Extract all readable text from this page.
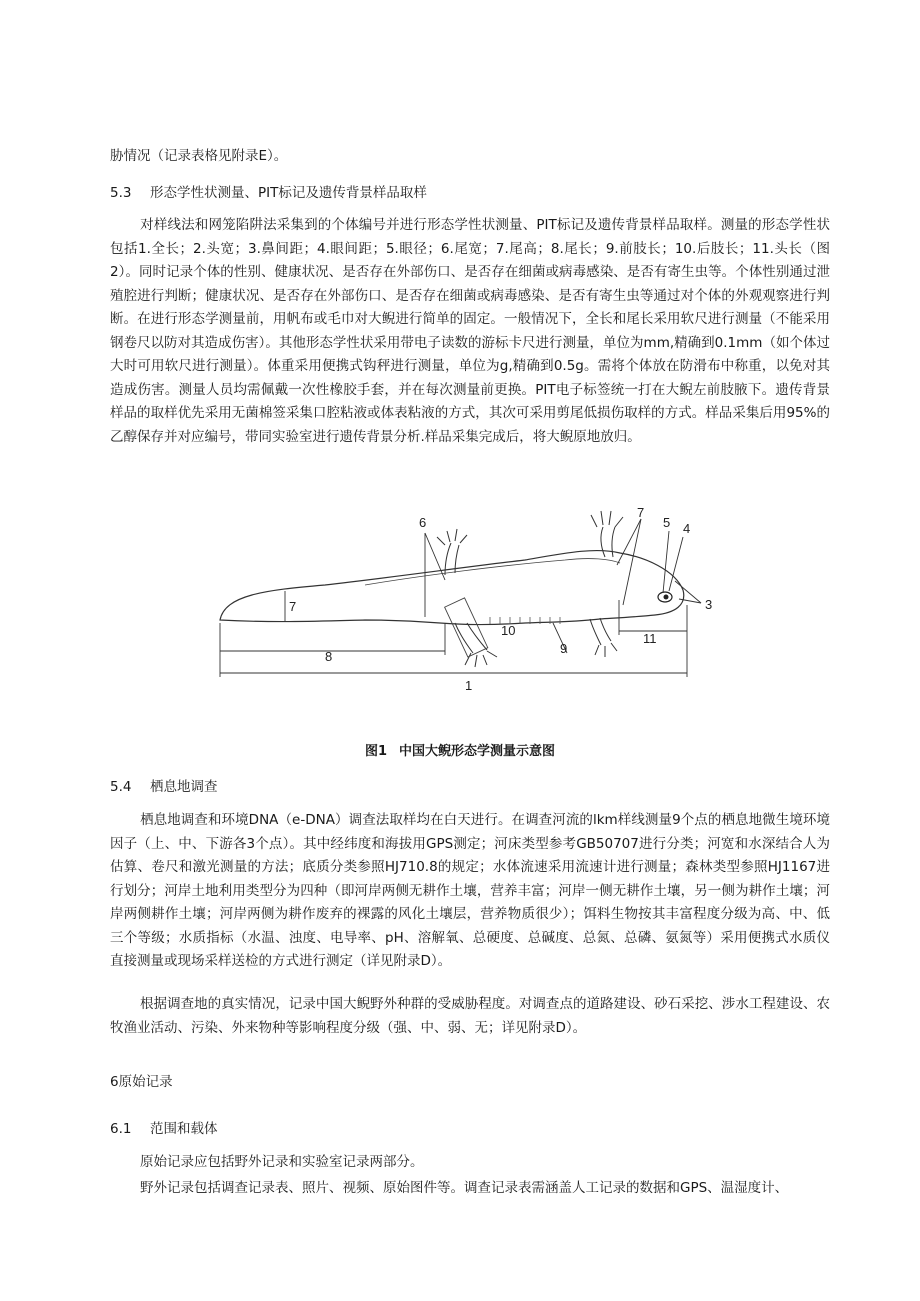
胁情况（记录表格见附录E）。
5.3 形态学性状测量、PIT标记及遗传背景样品取样
对样线法和网笼陷阱法采集到的个体编号并进行形态学性状测量、PIT标记及遗传背景样品取样。测量的形态学性状包括1.全长；2.头宽；3.鼻间距；4.眼间距；5.眼径；6.尾宽；7.尾高；8.尾长；9.前肢长；10.后肢长；11.头长（图2）。同时记录个体的性别、健康状况、是否存在外部伤口、是否存在细菌或病毒感染、是否有寄生虫等。个体性别通过泄殖腔进行判断；健康状况、是否存在外部伤口、是否存在细菌或病毒感染、是否有寄生虫等通过对个体的外观观察进行判断。在进行形态学测量前，用帆布或毛巾对大鲵进行简单的固定。一般情况下，全长和尾长采用软尺进行测量（不能采用钢卷尺以防对其造成伤害）。其他形态学性状采用带电子读数的游标卡尺进行测量，单位为mm,精确到0.1mm（如个体过大时可用软尺进行测量）。体重采用便携式钩秤进行测量，单位为g,精确到0.5g。需将个体放在防滑布中称重，以免对其造成伤害。测量人员均需佩戴一次性橡胶手套，并在每次测量前更换。PIT电子标签统一打在大鲵左前肢腋下。遗传背景样品的取样优先采用无菌棉签采集口腔粘液或体表粘液的方式，其次可采用剪尾低损伤取样的方式。样品采集后用95%的乙醇保存并对应编号，带同实验室进行遗传背景分析.样品采集完成后，将大鲵原地放归。
6
7
5 4
3
7
10
11
9
8
1
图1 中国大鲵形态学测量示意图
5.4 栖息地调查
栖息地调查和环境DNA（e-DNA）调查法取样均在白天进行。在调查河流的lkm样线测量9个点的栖息地微生境环境因子（上、中、下游各3个点）。其中经纬度和海拔用GPS测定；河床类型参考GB50707进行分类；河宽和水深结合人为估算、卷尺和激光测量的方法；底质分类参照HJ710.8的规定；水体流速采用流速计进行测量；森林类型参照HJ1167进行划分；河岸土地利用类型分为四种（即河岸两侧无耕作土壤，营养丰富；河岸一侧无耕作土壤，另一侧为耕作土壤；河岸两侧耕作土壤；河岸两侧为耕作废弃的裸露的风化土壤层，营养物质很少）；饵料生物按其丰富程度分级为高、中、低三个等级；水质指标（水温、浊度、电导率、pH、溶解氧、总硬度、总碱度、总氮、总磷、氨氮等）采用便携式水质仪直接测量或现场采样送检的方式进行测定（详见附录D）。
根据调查地的真实情况，记录中国大鲵野外种群的受威胁程度。对调查点的道路建设、砂石采挖、涉水工程建设、农牧渔业活动、污染、外来物种等影响程度分级（强、中、弱、无；详见附录D）。
6原始记录
6.1 范围和载体
原始记录应包括野外记录和实验室记录两部分。
野外记录包括调查记录表、照片、视频、原始图件等。调查记录表需涵盖人工记录的数据和GPS、温湿度计、
